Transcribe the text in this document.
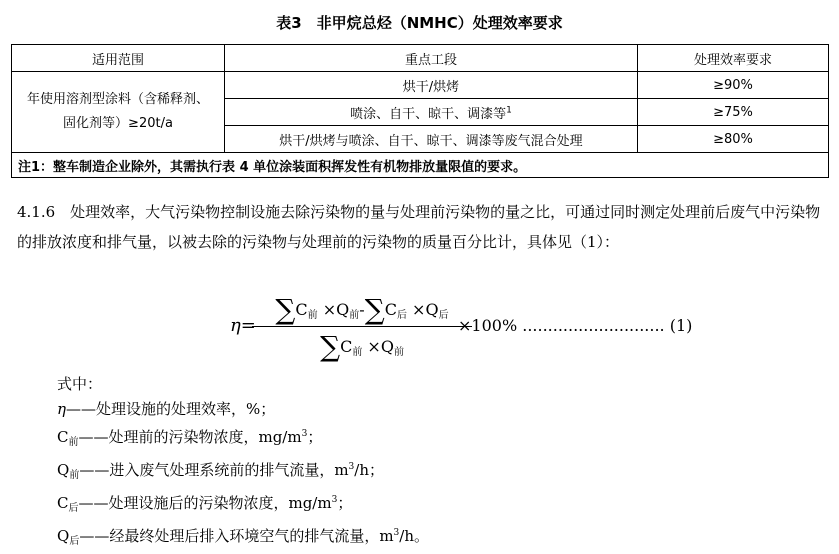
表3　非甲烷总烃（NMHC）处理效率要求
适用范围	重点工段	处理效率要求
年使用溶剂型涂料（含稀释剂、
固化剂等）≥20t/a	烘干/烘烤	≥90%
	喷涂、自干、晾干、调漆等$^1$	≥75%
	烘干/烘烤与喷涂、自干、晾干、调漆等废气混合处理	≥80%
注1：整车制造企业除外，其需执行表 4 单位涂装面积挥发性有机物排放量限值的要求。		
4.1.6　处理效率，大气污染物控制设施去除污染物的量与处理前污染物的量之比，可通过同时测定处理前后废气中污染物的排放浓度和排气量，以被去除的污染物与处理前的污染物的质量百分比计，具体见（1）：
$\eta= \sum C_前 \times Q_前-\sum C_后 \times Q_后$
$\sum C_前 \times Q_前$
×100% ............................ (1)
式中：
η——处理设施的处理效率，%；
$C_前——$处理前的污染物浓度，$mg/m^3$；
$Q_前——$进入废气处理系统前的排气流量，$m^3/h$；
$C_后——$处理设施后的污染物浓度，$mg/m^3$；
$Q_后——$经最终处理后排入环境空气的排气流量，$m^3/h$。
